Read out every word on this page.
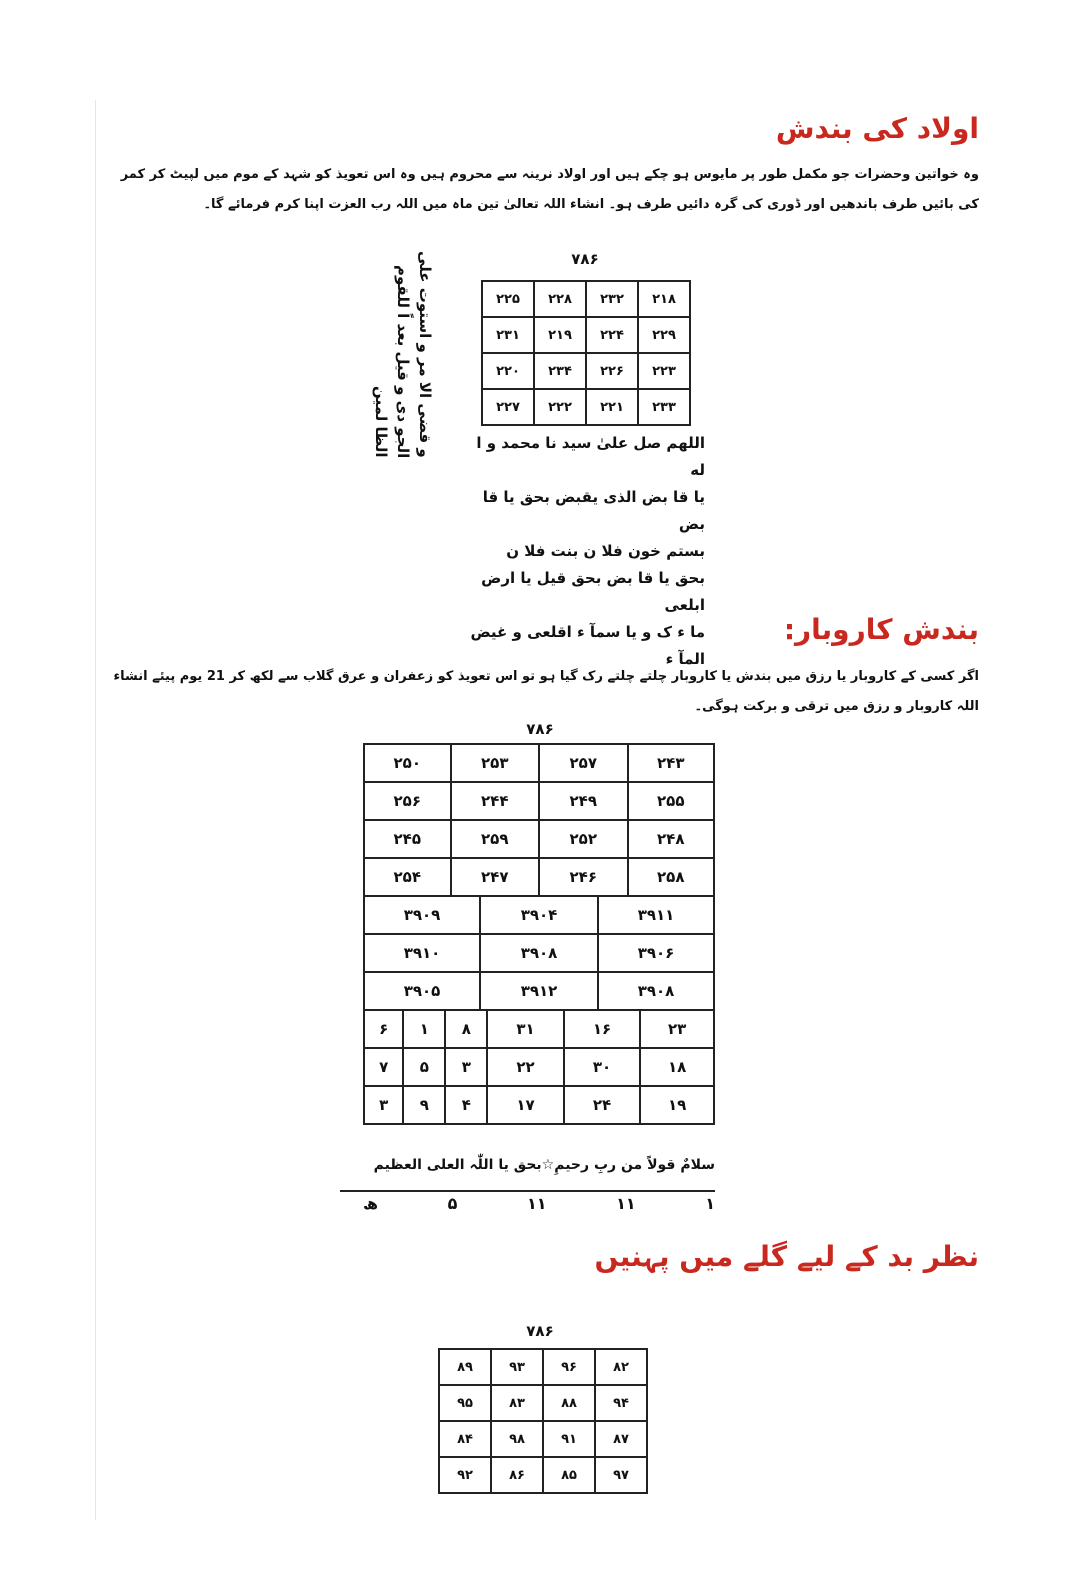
اولاد کی بندش
وہ خواتین وحضرات جو مکمل طور پر مایوس ہو چکے ہیں اور اولاد نرینہ سے محروم ہیں وہ اس تعویذ کو شہد کے موم میں لپیٹ کر کمر کی بائیں طرف باندھیں اور ڈوری کی گرہ دائیں طرف ہو۔ انشاء اللہ تعالیٰ تین ماہ میں اللہ رب العزت اپنا کرم فرمائے گا۔
۷۸۶
۲۱۸	۲۳۲	۲۲۸	۲۲۵
۲۲۹	۲۲۴	۲۱۹	۲۳۱
۲۲۳	۲۲۶	۲۳۴	۲۲۰
۲۳۳	۲۲۱	۲۲۲	۲۲۷
و قضی الا مر و استوت علی
الجو دی و قیل بعد اً للقوم
الظا لمین	اللهم صل علیٰ سید نا محمد و ا له
یا قا بض الذی یقبض بحق یا قا بض
بستم خون فلا ن بنت فلا ن
بحق یا قا بض بحق قیل یا ارض ابلعی
ما ء ک و یا سمآ ء اقلعی و غیض المآ ء
بندش کاروبار:
اگر کسی کے کاروبار یا رزق میں بندش یا کاروبار چلتے چلتے رک گیا ہو تو اس تعویذ کو زعفران و عرق گلاب سے لکھ کر 21 یوم پیئے انشاء اللہ کاروبار و رزق میں ترقی و برکت ہوگی۔
۷۸۶
۲۴۳	۲۵۷	۲۵۳	۲۵۰

۲۵۵	۲۴۹	۲۴۴	۲۵۶

۲۴۸	۲۵۲	۲۵۹	۲۴۵

۲۵۸	۲۴۶	۲۴۷	۲۵۴

۳۹۱۱	۳۹۰۴	۳۹۰۹

۳۹۰۶	۳۹۰۸	۳۹۱۰

۳۹۰۸	۳۹۱۲	۳۹۰۵

۲۳	۱۶	۳۱	۸	۱	۶

۱۸	۳۰	۲۲	۳	۵	۷

۱۹	۲۴	۱۷	۴	۹	۳
سلامٌ قولاً من ربِ رحیمِ☆بحق یا اللّٰہ العلی العظیم
۱
۱۱
۱۱
۵
ھ
نظر بد کے لیے گلے میں پہنیں
۷۸۶
۸۲	۹۶	۹۳	۸۹
۹۴	۸۸	۸۳	۹۵
۸۷	۹۱	۹۸	۸۴
۹۷	۸۵	۸۶	۹۲
